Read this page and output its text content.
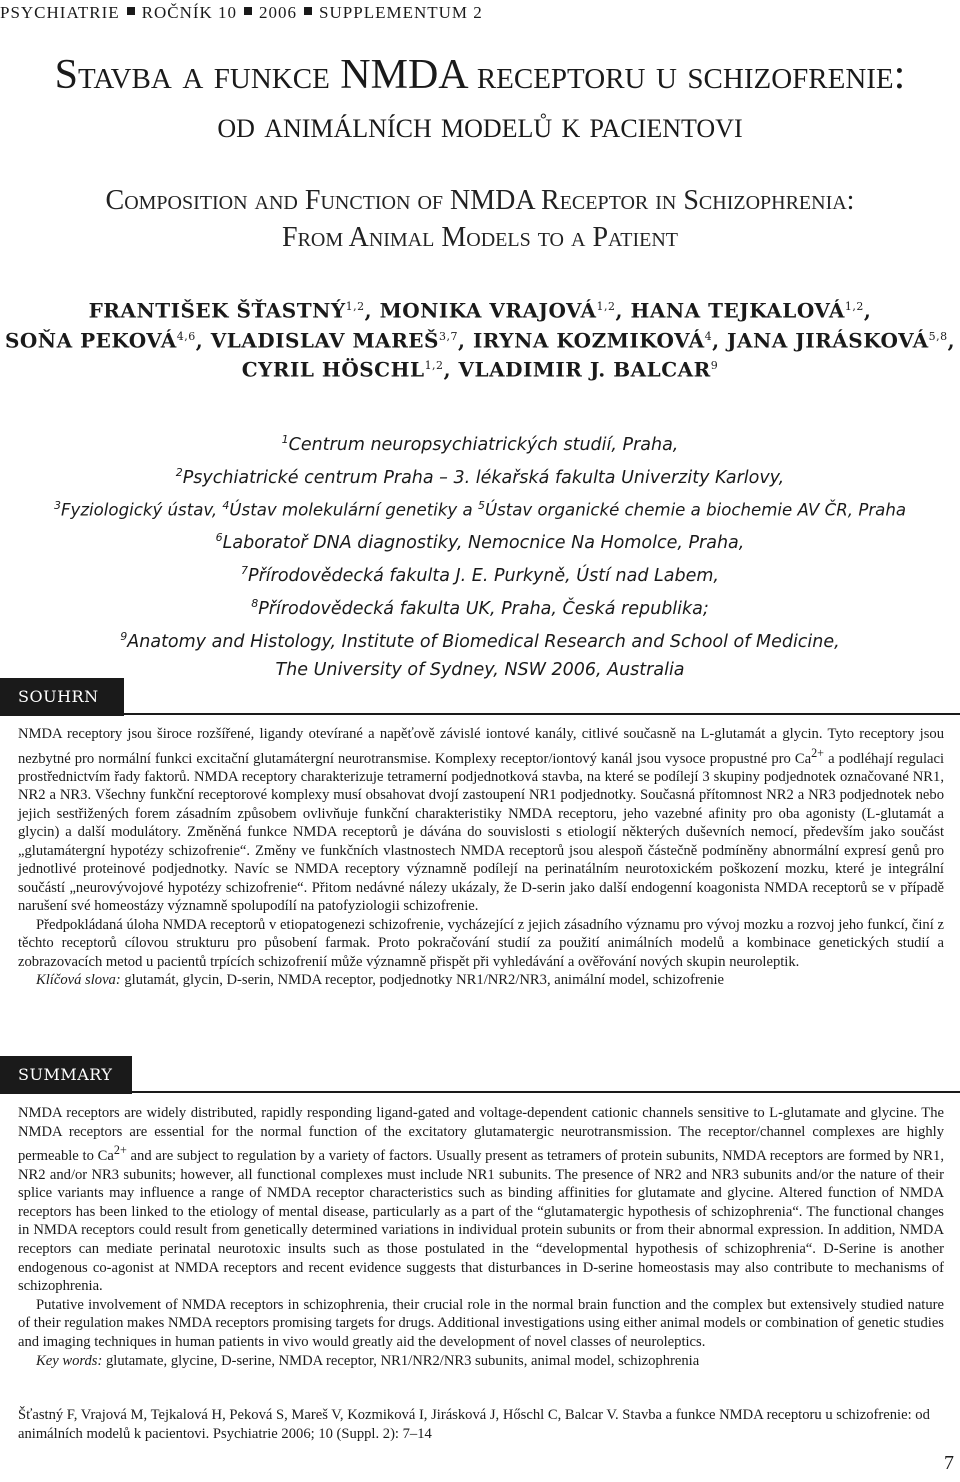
PSYCHIATRIE ROČNÍK 10 2006 SUPPLEMENTUM 2
Stavba a funkce NMDA receptoru u schizofrenie:
od animálních modelů k pacientovi
Composition and Function of NMDA Receptor in Schizophrenia:
From Animal Models to a Patient
FRANTIŠEK ŠŤASTNÝ$^{1,2}$, MONIKA VRAJOVÁ$^{1,2}$, HANA TEJKALOVÁ$^{1,2}$,
SOŇA PEKOVÁ$^{4,6}$, VLADISLAV MAREŠ$^{3,7}$, IRYNA KOZMIKOVÁ$^4$, JANA JIRÁSKOVÁ$^{5,8}$,
CYRIL HÖSCHL$^{1,2}$, VLADIMIR J. BALCAR$^9$
$^1$Centrum neuropsychiatrických studií, Praha,
$^2$Psychiatrické centrum Praha – 3. lékařská fakulta Univerzity Karlovy,
$^3$Fyziologický ústav, $^4$Ústav molekulární genetiky a $^5$Ústav organické chemie a biochemie AV ČR, Praha
$^6$Laboratoř DNA diagnostiky, Nemocnice Na Homolce, Praha,
$^7$Přírodovědecká fakulta J. E. Purkyně, Ústí nad Labem,
$^8$Přírodovědecká fakulta UK, Praha, Česká republika;
$^9$Anatomy and Histology, Institute of Biomedical Research and School of Medicine,
The University of Sydney, NSW 2006, Australia
SOUHRN

NMDA receptory jsou široce rozšířené, ligandy otevírané a napěťově závislé iontové kanály, citlivé současně na L-glutamát a glycin. Tyto receptory jsou nezbytné pro normální funkci excitační glutamátergní neurotransmise. Komplexy receptor/iontový kanál jsou vysoce propustné pro $Ca^{2+}$ a podléhají regulaci prostřednictvím řady faktorů. NMDA receptory charakterizuje tetramerní podjednotková stavba, na které se podílejí 3 skupiny podjednotek označované NR1, NR2 a NR3. Všechny funkční receptorové komplexy musí obsahovat dvojí zastoupení NR1 podjednotky. Současná přítomnost NR2 a NR3 podjednotek nebo jejich sestřižených forem zásadním způsobem ovlivňuje funkční charakteristiky NMDA receptoru, jeho vazebné afinity pro oba agonisty (L-glutamát a glycin) a další modulátory. Změněná funkce NMDA receptorů je dávána do souvislosti s etiologií některých duševních nemocí, především jako součást „glutamátergní hypotézy schizofrenie“. Změny ve funkčních vlastnostech NMDA receptorů jsou alespoň částečně podmíněny abnormální expresí genů pro jednotlivé proteinové podjednotky. Navíc se NMDA receptory významně podílejí na perinatálním neurotoxickém poškození mozku, které je integrální součástí „neurovývojové hypotézy schizofrenie“. Přitom nedávné nálezy ukázaly, že D-serin jako další endogenní koagonista NMDA receptorů se v případě narušení své homeostázy významně spolupodílí na patofyziologii schizofrenie.

Předpokládaná úloha NMDA receptorů v etiopatogenezi schizofrenie, vycházející z jejich zásadního významu pro vývoj mozku a rozvoj jeho funkcí, činí z těchto receptorů cílovou strukturu pro působení farmak. Proto pokračování studií za použití animálních modelů a kombinace genetických studií a zobrazovacích metod u pacientů trpících schizofrenií může významně přispět při vyhledávání a ověřování nových skupin neuroleptik.

Klíčová slova: glutamát, glycin, D-serin, NMDA receptor, podjednotky NR1/NR2/NR3, animální model, schizofrenie

SUMMARY

NMDA receptors are widely distributed, rapidly responding ligand-gated and voltage-dependent cationic channels sensitive to L-glutamate and glycine. The NMDA receptors are essential for the normal function of the excitatory glutamatergic neurotransmission. The receptor/channel complexes are highly permeable to $Ca^{2+}$ and are subject to regulation by a variety of factors. Usually present as tetramers of protein subunits, NMDA receptors are formed by NR1, NR2 and/or NR3 subunits; however, all functional complexes must include NR1 subunits. The presence of NR2 and NR3 subunits and/or the nature of their splice variants may influence a range of NMDA receptor characteristics such as binding affinities for glutamate and glycine. Altered function of NMDA receptors has been linked to the etiology of mental disease, particularly as a part of the “glutamatergic hypothesis of schizophrenia“. The functional changes in NMDA receptors could result from genetically determined variations in individual protein subunits or from their abnormal expression. In addition, NMDA receptors can mediate perinatal neurotoxic insults such as those postulated in the “developmental hypothesis of schizophrenia“. D-Serine is another endogenous co-agonist at NMDA receptors and recent evidence suggests that disturbances in D-serine homeostasis may also contribute to mechanisms of schizophrenia.

Putative involvement of NMDA receptors in schizophrenia, their crucial role in the normal brain function and the complex but extensively studied nature of their regulation makes NMDA receptors promising targets for drugs. Additional investigations using either animal models or combination of genetic studies and imaging techniques in human patients in vivo would greatly aid the development of novel classes of neuroleptics.

Key words: glutamate, glycine, D-serine, NMDA receptor, NR1/NR2/NR3 subunits, animal model, schizophrenia

Šťastný F, Vrajová M, Tejkalová H, Peková S, Mareš V, Kozmiková I, Jirásková J, Hőschl C, Balcar V. Stavba a funkce NMDA receptoru u schizofrenie: od animálních modelů k pacientovi. Psychiatrie 2006; 10 (Suppl. 2): 7–14
7
